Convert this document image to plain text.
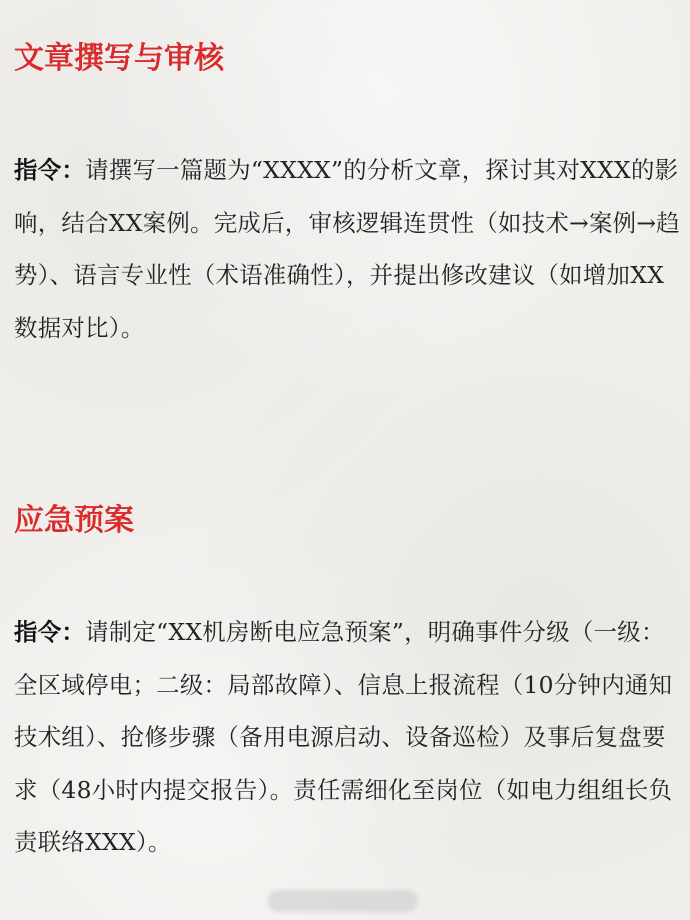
文章撰写与审核

指令：请撰写一篇题为“XXXX”的分析文章，探讨其对XXX的影响，结合XX案例。完成后，审核逻辑连贯性（如技术→案例→趋势）、语言专业性（术语准确性），并提出修改建议（如增加XX数据对比）。

应急预案

指令：请制定“XX机房断电应急预案”，明确事件分级（一级：全区域停电；二级：局部故障）、信息上报流程（10分钟内通知技术组）、抢修步骤（备用电源启动、设备巡检）及事后复盘要求（48小时内提交报告）。责任需细化至岗位（如电力组组长负责联络XXX）。
